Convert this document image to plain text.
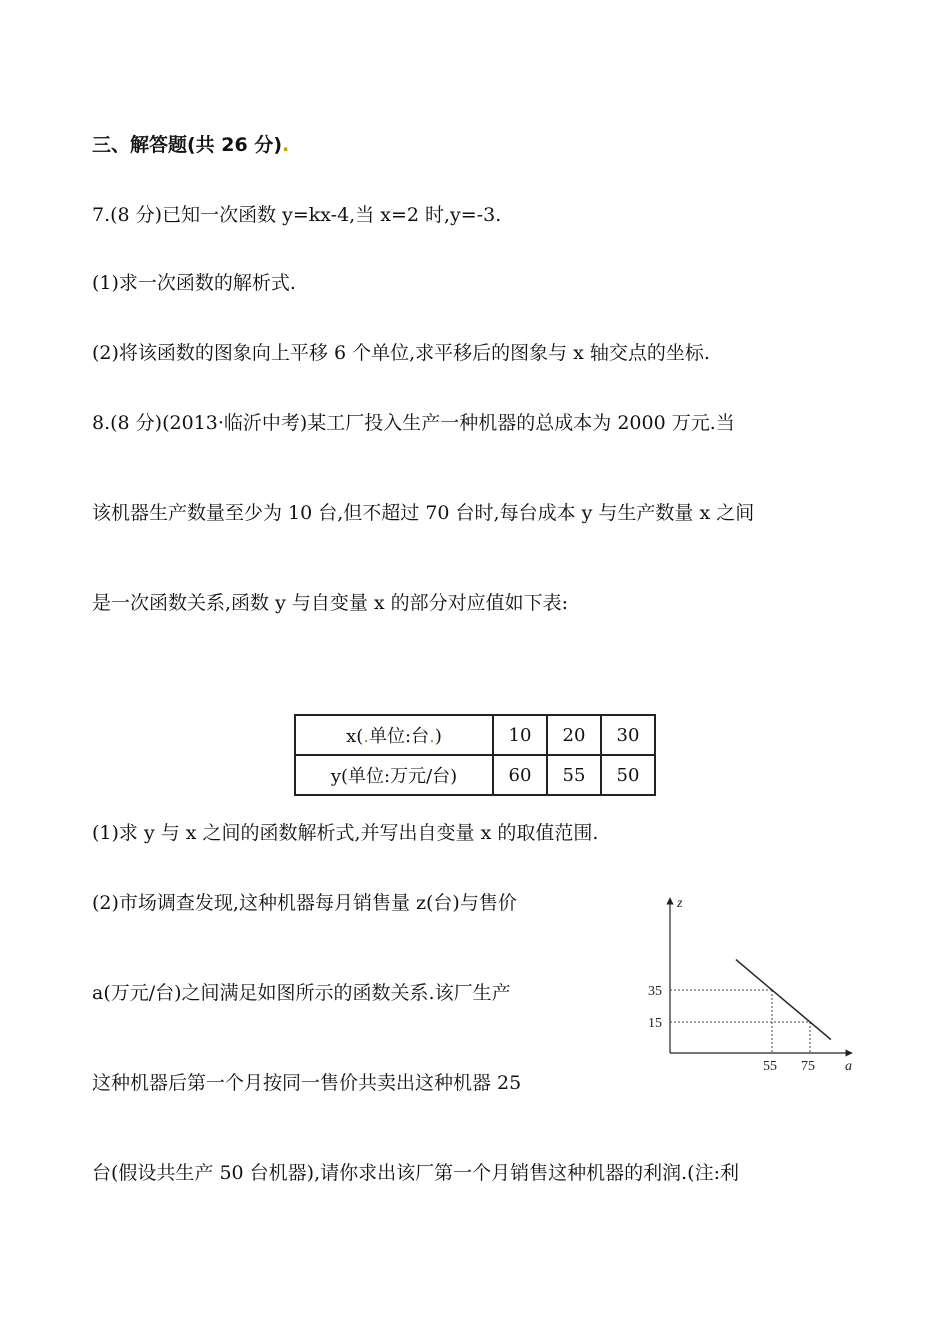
三、解答题(共 26 分).
7.(8 分)已知一次函数 y=kx-4,当 x=2 时,y=-3.
(1)求一次函数的解析式.
(2)将该函数的图象向上平移 6 个单位,求平移后的图象与 x 轴交点的坐标.
8.(8 分)(2013·临沂中考)某工厂投入生产一种机器的总成本为 2000 万元.当
该机器生产数量至少为 10 台,但不超过 70 台时,每台成本 y 与生产数量 x 之间
是一次函数关系,函数 y 与自变量 x 的部分对应值如下表:
x(.单位:台.)	10	20	30
y(单位:万元/台)	60	55	50
(1)求 y 与 x 之间的函数解析式,并写出自变量 x 的取值范围.
(2)市场调查发现,这种机器每月销售量 z(台)与售价
a(万元/台)之间满足如图所示的函数关系.该厂生产
这种机器后第一个月按同一售价共卖出这种机器 25
台(假设共生产 50 台机器),请你求出该厂第一个月销售这种机器的利润.(注:利
z
a
55 75
35
15
